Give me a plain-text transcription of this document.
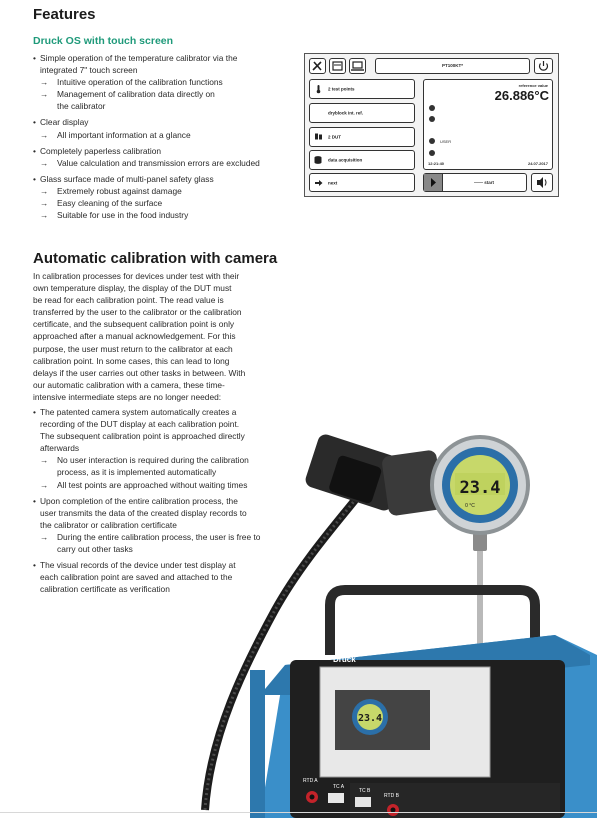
Features
Druck OS with touch screen
• Simple operation of the temperature calibrator via the
integrated 7" touch screen
→	Intuitive operation of the calibration functions
→	Management of calibration data directly on
the calibrator
• Clear display
→	All important information at a glance
• Completely paperless calibration
→	Value calculation and transmission errors are excluded
• Glass surface made of multi-panel safety glass
→	Extremely robust against damage
→	Easy cleaning of the surface
→	Suitable for use in the food industry
PT100KT*
2 test points
dryblock int. ref.
2 DUT
data acquisition
next
reference value
26.886°C
USER
12:21:40	24.07.2017
—— start
Automatic calibration with camera
In calibration processes for devices under test with their
own temperature display, the display of the DUT must
be read for each calibration point. The read value is
transferred by the user to the calibrator or the calibration
certificate, and the subsequent calibration point is only
approached after a manual acknowledgement. For this
purpose, the user must return to the calibrator at each
calibration point. In some cases, this can lead to long
delays if the user carries out other tasks in between. With
our automatic calibration with a camera, these time-
intensive intermediate steps are no longer needed:
• The patented camera system automatically creates a
recording of the DUT display at each calibration point.
The subsequent calibration point is approached directly
afterwards
→	No user interaction is required during the calibration
process, as it is implemented automatically
→	All test points are approached without waiting times
• Upon completion of the entire calibration process, the
user transmits the data of the created display records to
the calibrator or calibration certificate
→	During the entire calibration process, the user is free to
carry out other tasks
• The visual records of the device under test display at
each calibration point are saved and attached to the
calibration certificate as verification
23.4
0 °C
Druck
23.4
RTD A
TC A
TC B
RTD B
